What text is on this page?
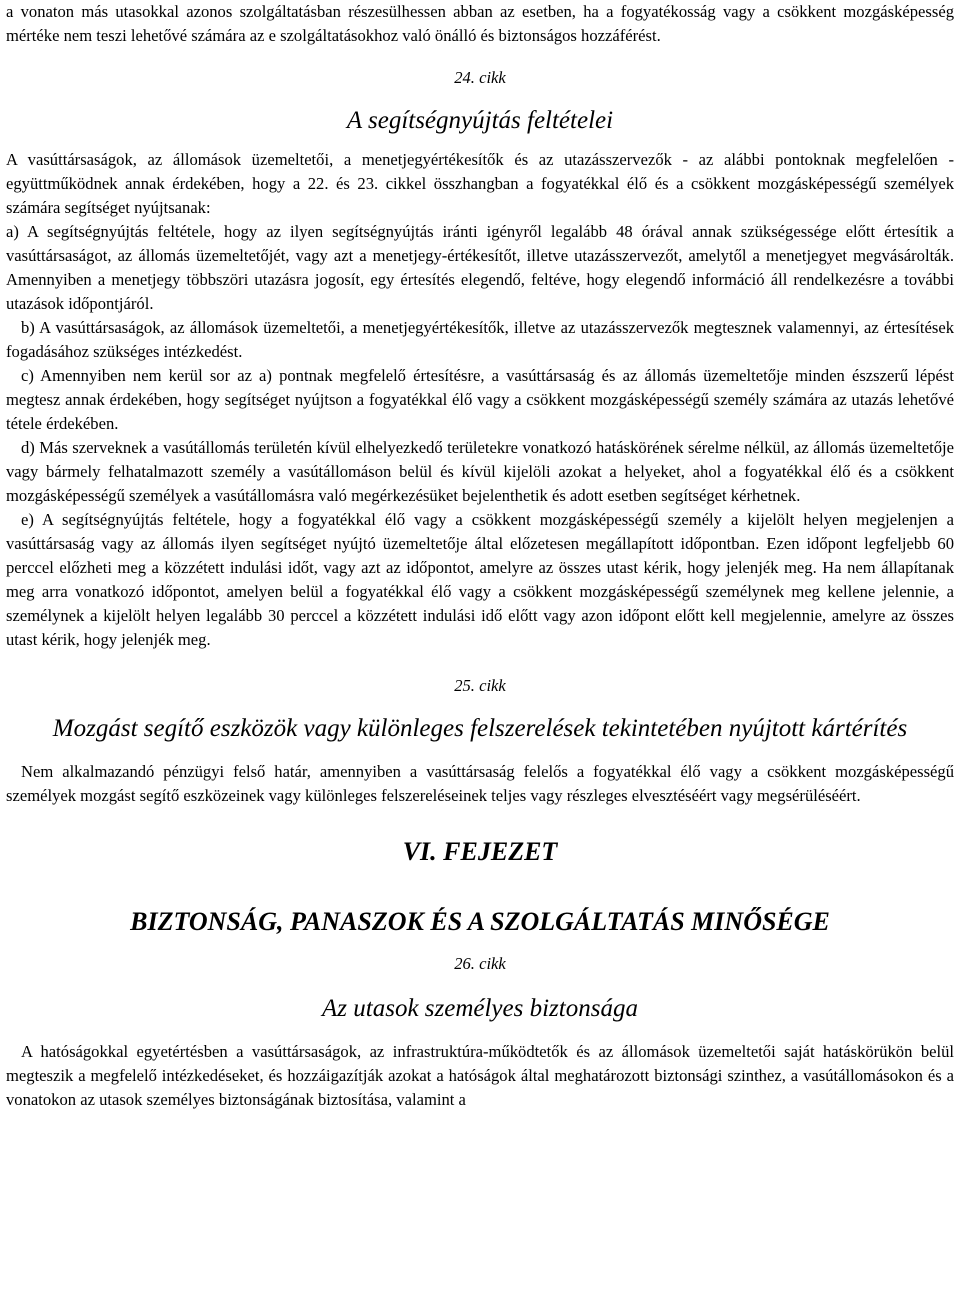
a vonaton más utasokkal azonos szolgáltatásban részesülhessen abban az esetben, ha a fogyatékosság vagy a csökkent mozgásképesség mértéke nem teszi lehetővé számára az e szolgáltatásokhoz való önálló és biztonságos hozzáférést.

24. cikk
A segítségnyújtás feltételei

A vasúttársaságok, az állomások üzemeltetői, a menetjegyértékesítők és az utazásszervezők - az alábbi pontoknak megfelelően - együttműködnek annak érdekében, hogy a 22. és 23. cikkel összhangban a fogyatékkal élő és a csökkent mozgásképességű személyek számára segítséget nyújtsanak:

a) A segítségnyújtás feltétele, hogy az ilyen segítségnyújtás iránti igényről legalább 48 órával annak szükségessége előtt értesítik a vasúttársaságot, az állomás üzemeltetőjét, vagy azt a menetjegy-értékesítőt, illetve utazásszervezőt, amelytől a menetjegyet megvásárolták. Amennyiben a menetjegy többszöri utazásra jogosít, egy értesítés elegendő, feltéve, hogy elegendő információ áll rendelkezésre a további utazások időpontjáról.

b) A vasúttársaságok, az állomások üzemeltetői, a menetjegyértékesítők, illetve az utazásszervezők megtesznek valamennyi, az értesítések fogadásához szükséges intézkedést.

c) Amennyiben nem kerül sor az a) pontnak megfelelő értesítésre, a vasúttársaság és az állomás üzemeltetője minden észszerű lépést megtesz annak érdekében, hogy segítséget nyújtson a fogyatékkal élő vagy a csökkent mozgásképességű személy számára az utazás lehetővé tétele érdekében.

d) Más szerveknek a vasútállomás területén kívül elhelyezkedő területekre vonatkozó hatáskörének sérelme nélkül, az állomás üzemeltetője vagy bármely felhatalmazott személy a vasútállomáson belül és kívül kijelöli azokat a helyeket, ahol a fogyatékkal élő és a csökkent mozgásképességű személyek a vasútállomásra való megérkezésüket bejelenthetik és adott esetben segítséget kérhetnek.

e) A segítségnyújtás feltétele, hogy a fogyatékkal élő vagy a csökkent mozgásképességű személy a kijelölt helyen megjelenjen a vasúttársaság vagy az állomás ilyen segítséget nyújtó üzemeltetője által előzetesen megállapított időpontban. Ezen időpont legfeljebb 60 perccel előzheti meg a közzétett indulási időt, vagy azt az időpontot, amelyre az összes utast kérik, hogy jelenjék meg. Ha nem állapítanak meg arra vonatkozó időpontot, amelyen belül a fogyatékkal élő vagy a csökkent mozgásképességű személynek meg kellene jelennie, a személynek a kijelölt helyen legalább 30 perccel a közzétett indulási idő előtt vagy azon időpont előtt kell megjelennie, amelyre az összes utast kérik, hogy jelenjék meg.

25. cikk
Mozgást segítő eszközök vagy különleges felszerelések tekintetében nyújtott kártérítés

Nem alkalmazandó pénzügyi felső határ, amennyiben a vasúttársaság felelős a fogyatékkal élő vagy a csökkent mozgásképességű személyek mozgást segítő eszközeinek vagy különleges felszereléseinek teljes vagy részleges elvesztéséért vagy megsérüléséért.

VI. FEJEZET
BIZTONSÁG, PANASZOK ÉS A SZOLGÁLTATÁS MINŐSÉGE
26. cikk
Az utasok személyes biztonsága

A hatóságokkal egyetértésben a vasúttársaságok, az infrastruktúra-működtetők és az állomások üzemeltetői saját hatáskörükön belül megteszik a megfelelő intézkedéseket, és hozzáigazítják azokat a hatóságok által meghatározott biztonsági szinthez, a vasútállomásokon és a vonatokon az utasok személyes biztonságának biztosítása, valamint a
